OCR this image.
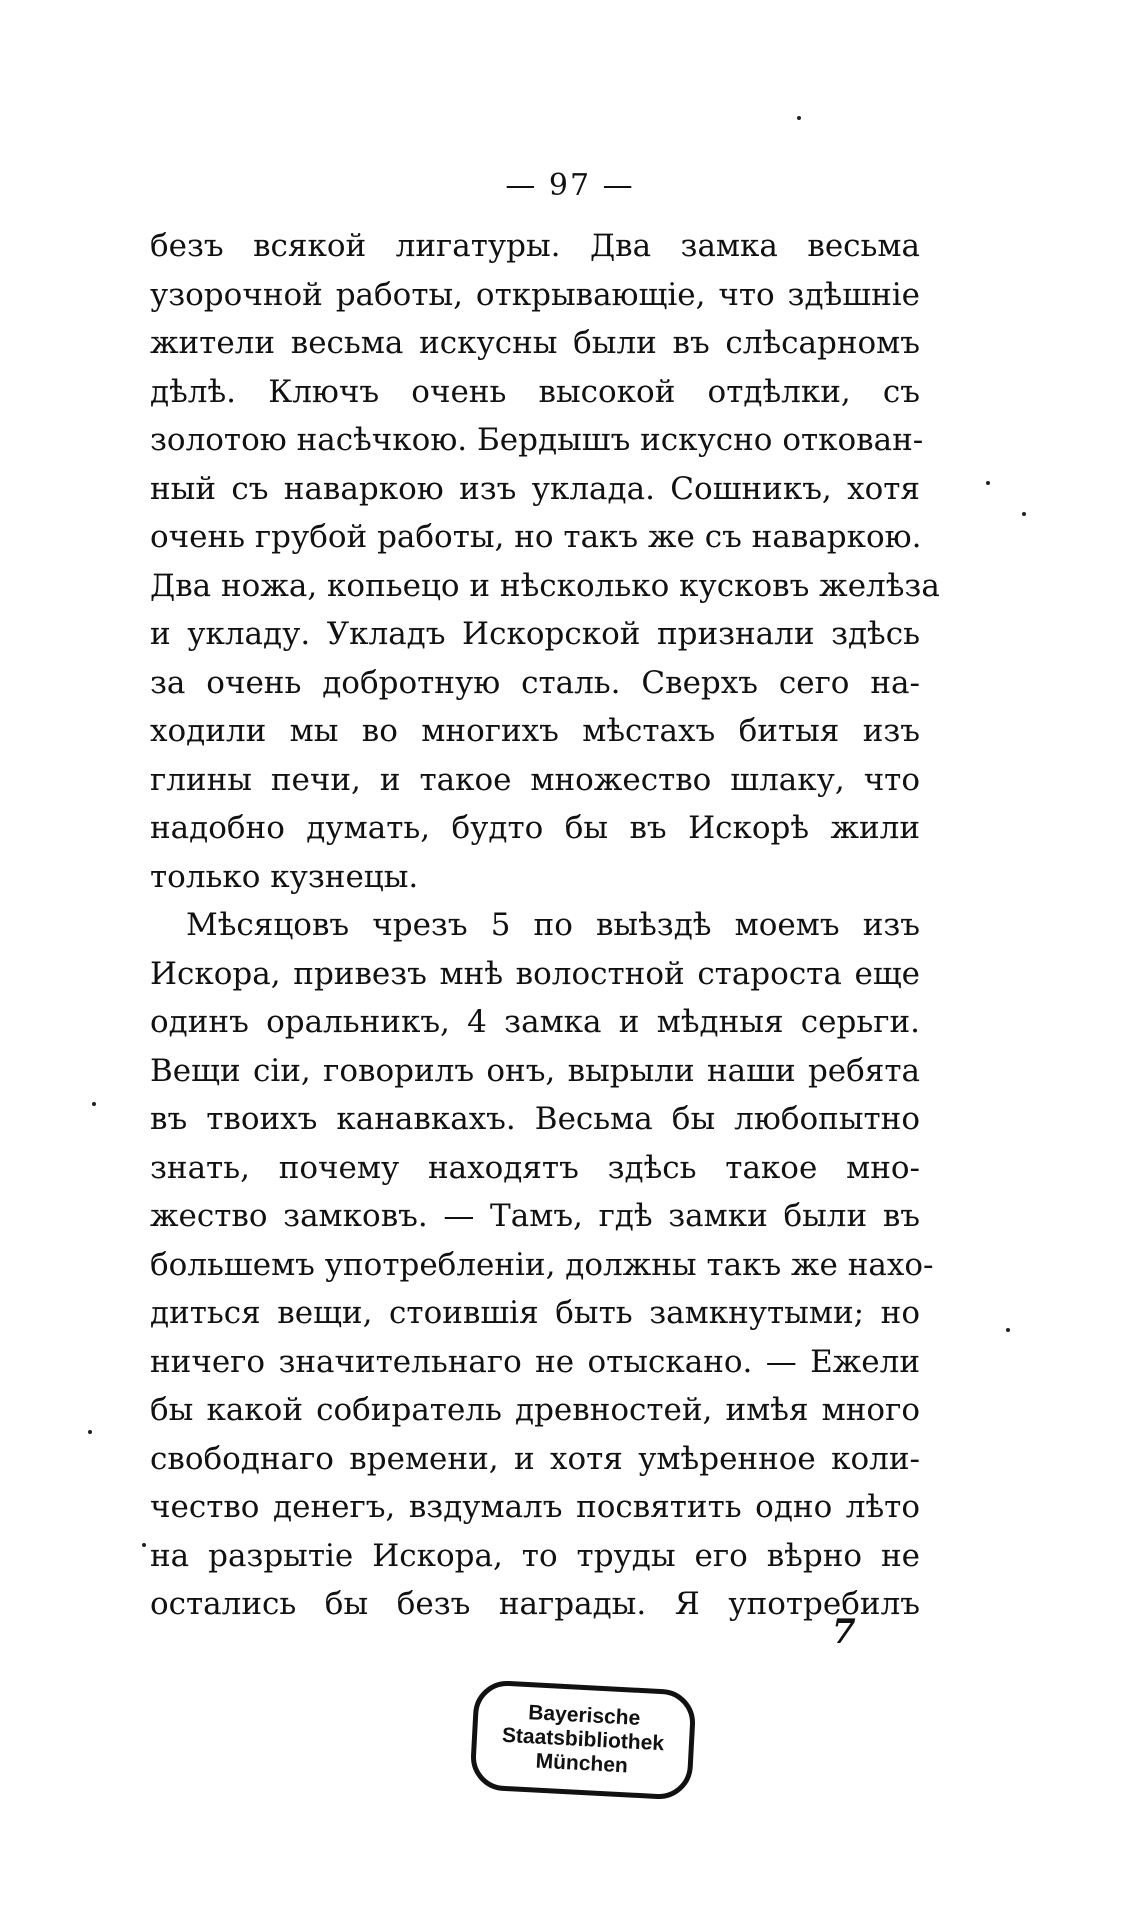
— 97 —
безъ всякой лигатуры. Два замка весьма
узорочной работы, открывающіе, что здѣшніе
жители весьма искусны были въ слѣсарномъ
дѣлѣ. Ключъ очень высокой отдѣлки, съ
золотою насѣчкою. Бердышъ искусно откован-
ный съ наваркою изъ уклада. Сошникъ, хотя
очень грубой работы, но такъ же съ наваркою.
Два ножа, копьецо и нѣсколько кусковъ желѣза
и укладу. Укладъ Искорской признали здѣсь
за очень добротную сталь. Сверхъ сего на-
ходили мы во многихъ мѣстахъ битыя изъ
глины печи, и такое множество шлаку, что
надобно думать, будто бы въ Искорѣ жили
только кузнецы.
Мѣсяцовъ чрезъ 5 по выѣздѣ моемъ изъ
Искора, привезъ мнѣ волостной староста еще
одинъ оральникъ, 4 замка и мѣдныя серьги.
Вещи сіи, говорилъ онъ, вырыли наши ребята
въ твоихъ канавкахъ. Весьма бы любопытно
знать, почему находятъ здѣсь такое мно-
жество замковъ. — Тамъ, гдѣ замки были въ
большемъ употребленіи, должны такъ же нахо-
диться вещи, стоившія быть замкнутыми; но
ничего значительнаго не отыскано. — Ежели
бы какой собиратель древностей, имѣя много
свободнаго времени, и хотя умѣренное коли-
чество денегъ, вздумалъ посвятить одно лѣто
на разрытіе Искора, то труды его вѣрно не
остались бы безъ награды. Я употребилъ
7
Bayerische
Staatsbibliothek
München
